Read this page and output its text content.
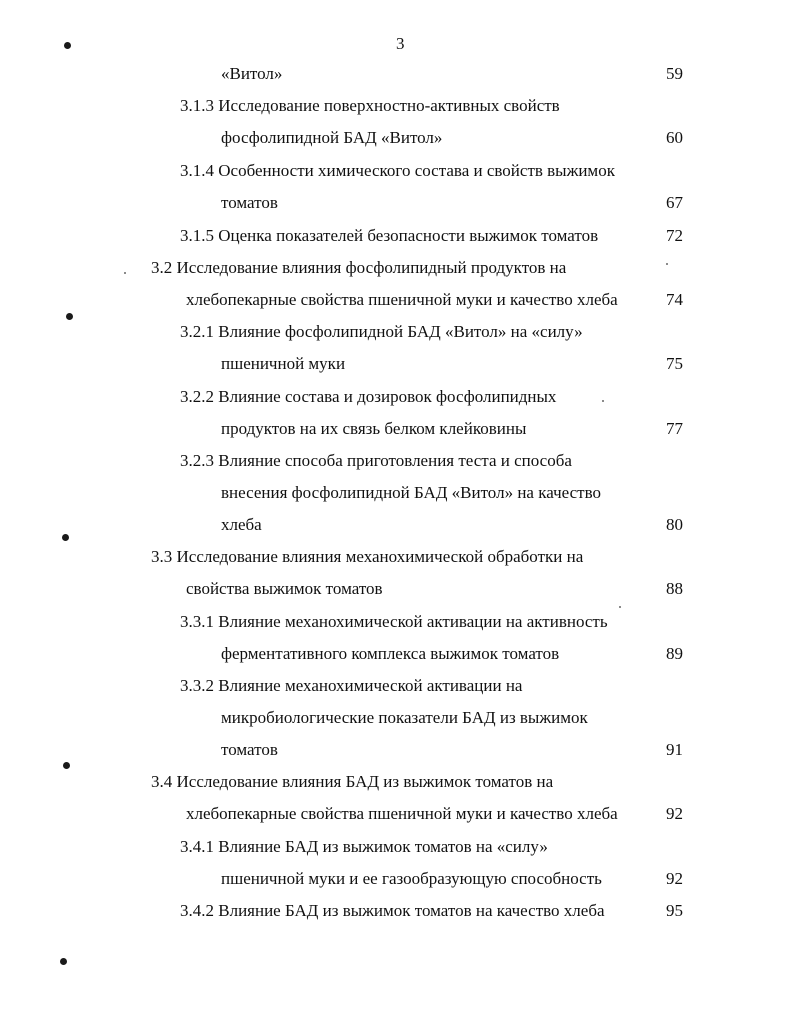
3
«Витол»	59
3.1.3 Исследование поверхностно-активных свойств
фосфолипидной БАД «Витол»	60
3.1.4 Особенности химического состава и свойств выжимок
томатов	67
3.1.5 Оценка показателей безопасности выжимок томатов	72
3.2 Исследование влияния фосфолипидный продуктов на
хлебопекарные свойства пшеничной муки и качество хлеба	74
3.2.1 Влияние фосфолипидной БАД «Витол» на «силу»
пшеничной муки	75
3.2.2 Влияние состава и дозировок фосфолипидных
продуктов на их связь белком клейковины	77
3.2.3 Влияние способа приготовления теста и способа
внесения фосфолипидной БАД «Витол» на качество
хлеба	80
3.3 Исследование влияния механохимической обработки на
свойства выжимок томатов	88
3.3.1 Влияние механохимической активации на активность
ферментативного комплекса выжимок томатов	89
3.3.2 Влияние механохимической активации на
микробиологические показатели БАД из выжимок
томатов	91
3.4 Исследование влияния БАД из выжимок томатов на
хлебопекарные свойства пшеничной муки и качество хлеба	92
3.4.1 Влияние БАД из выжимок томатов на «силу»
пшеничной муки и ее газообразующую способность	92
3.4.2 Влияние БАД из выжимок томатов на качество хлеба	95
